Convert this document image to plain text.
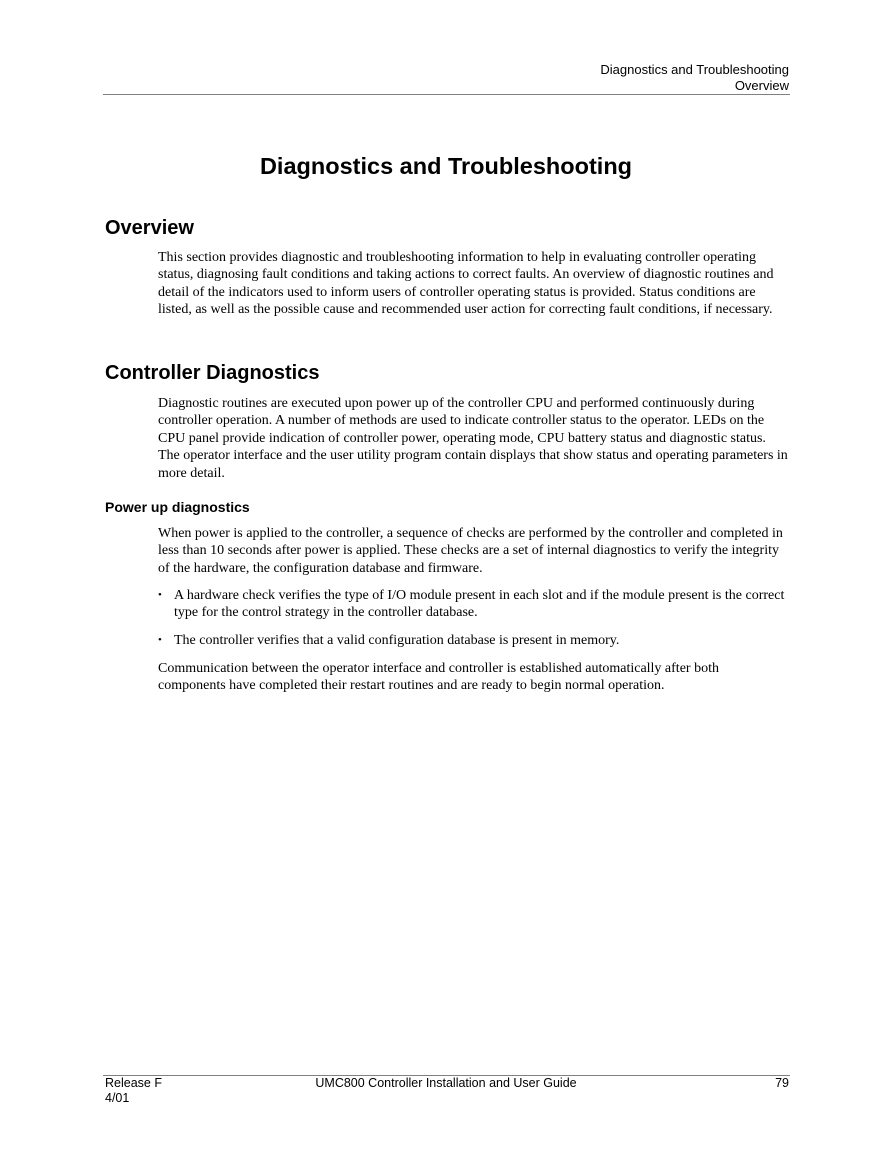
Diagnostics and Troubleshooting
Overview
Diagnostics and Troubleshooting
Overview

This section provides diagnostic and troubleshooting information to help in evaluating controller operating status, diagnosing fault conditions and taking actions to correct faults. An overview of diagnostic routines and detail of the indicators used to inform users of controller operating status is provided. Status conditions are listed, as well as the possible cause and recommended user action for correcting fault conditions, if necessary.

Controller Diagnostics

Diagnostic routines are executed upon power up of the controller CPU and performed continuously during controller operation. A number of methods are used to indicate controller status to the operator. LEDs on the CPU panel provide indication of controller power, operating mode, CPU battery status and diagnostic status. The operator interface and the user utility program contain displays that show status and operating parameters in more detail.

Power up diagnostics

When power is applied to the controller, a sequence of checks are performed by the controller and completed in less than 10 seconds after power is applied. These checks are a set of internal diagnostics to verify the integrity of the hardware, the configuration database and firmware.

• A hardware check verifies the type of I/O module present in each slot and if the module present is the correct type for the control strategy in the controller database.
• The controller verifies that a valid configuration database is present in memory.

Communication between the operator interface and controller is established automatically after both components have completed their restart routines and are ready to begin normal operation.

Release F
4/01
UMC800 Controller Installation and User Guide	79
